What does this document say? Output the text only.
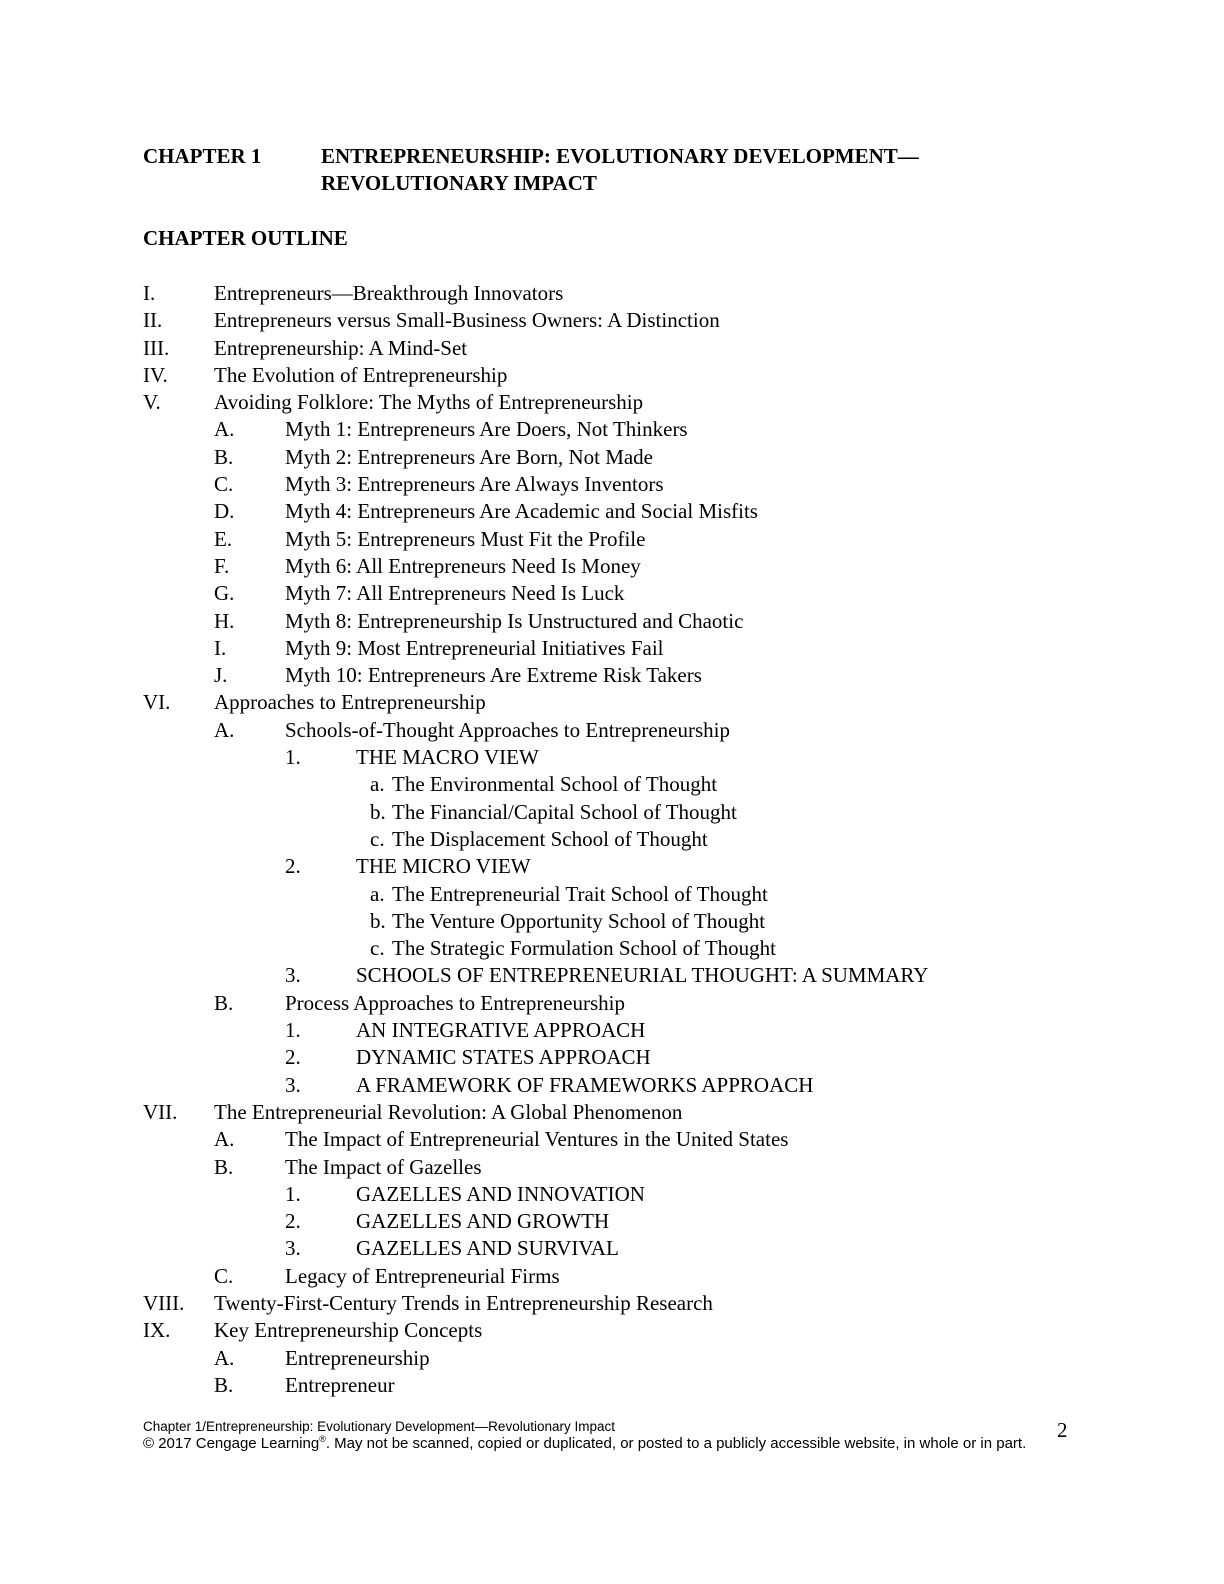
CHAPTER 1	ENTREPRENEURSHIP: EVOLUTIONARY DEVELOPMENT—
REVOLUTIONARY IMPACT
CHAPTER OUTLINE
I.	Entrepreneurs—Breakthrough Innovators
II. Entrepreneurs versus Small-Business Owners: A Distinction
III. Entrepreneurship: A Mind-Set
IV. The Evolution of Entrepreneurship
V.	Avoiding Folklore: The Myths of Entrepreneurship
A. Myth 1: Entrepreneurs Are Doers, Not Thinkers
B. Myth 2: Entrepreneurs Are Born, Not Made
C. Myth 3: Entrepreneurs Are Always Inventors
D. Myth 4: Entrepreneurs Are Academic and Social Misfits
E.	Myth 5: Entrepreneurs Must Fit the Profile
F.	Myth 6: All Entrepreneurs Need Is Money
G. Myth 7: All Entrepreneurs Need Is Luck
H. Myth 8: Entrepreneurship Is Unstructured and Chaotic
I.	Myth 9: Most Entrepreneurial Initiatives Fail
J.	Myth 10: Entrepreneurs Are Extreme Risk Takers
VI. Approaches to Entrepreneurship
A. Schools-of-Thought Approaches to Entrepreneurship
1.	THE MACRO VIEW
a. The Environmental School of Thought
b. The Financial/Capital School of Thought
c. The Displacement School of Thought
2.	THE MICRO VIEW
a. The Entrepreneurial Trait School of Thought
b. The Venture Opportunity School of Thought
c. The Strategic Formulation School of Thought
3.	SCHOOLS OF ENTREPRENEURIAL THOUGHT: A SUMMARY
B. Process Approaches to Entrepreneurship
1.	AN INTEGRATIVE APPROACH
2.	DYNAMIC STATES APPROACH
3.	A FRAMEWORK OF FRAMEWORKS APPROACH
VII. The Entrepreneurial Revolution: A Global Phenomenon
A. The Impact of Entrepreneurial Ventures in the United States
B. The Impact of Gazelles
1.	GAZELLES AND INNOVATION
2.	GAZELLES AND GROWTH
3.	GAZELLES AND SURVIVAL
C. Legacy of Entrepreneurial Firms
VIII. Twenty-First-Century Trends in Entrepreneurship Research
IX. Key Entrepreneurship Concepts
A. Entrepreneurship
B. Entrepreneur
Chapter 1/Entrepreneurship: Evolutionary Development—Revolutionary Impact
© 2017 Cengage Learning®. May not be scanned, copied or duplicated, or posted to a publicly accessible website, in whole or in part.
2
